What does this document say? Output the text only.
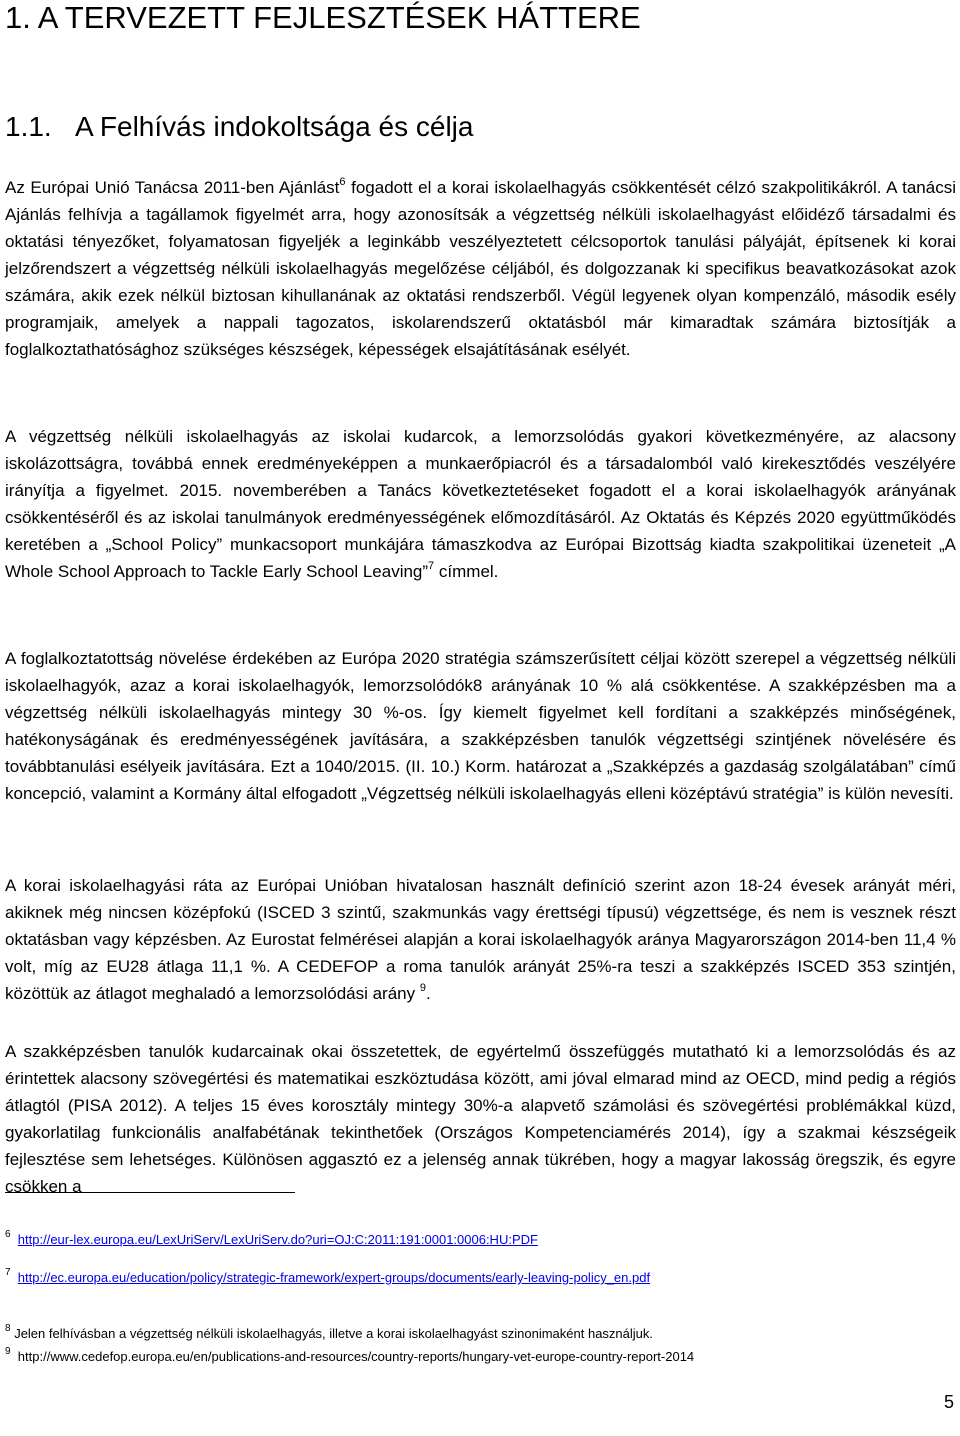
1. A TERVEZETT FEJLESZTÉSEK HÁTTERE
1.1. A Felhívás indokoltsága és célja

Az Európai Unió Tanácsa 2011-ben Ajánlást$^6$ fogadott el a korai iskolaelhagyás csökkentését célzó szakpolitikákról. A tanácsi Ajánlás felhívja a tagállamok figyelmét arra, hogy azonosítsák a végzettség nélküli iskolaelhagyást előidéző társadalmi és oktatási tényezőket, folyamatosan figyeljék a leginkább veszélyeztetett célcsoportok tanulási pályáját, építsenek ki korai jelzőrendszert a végzettség nélküli iskolaelhagyás megelőzése céljából, és dolgozzanak ki specifikus beavatkozásokat azok számára, akik ezek nélkül biztosan kihullanának az oktatási rendszerből. Végül legyenek olyan kompenzáló, második esély programjaik, amelyek a nappali tagozatos, iskolarendszerű oktatásból már kimaradtak számára biztosítják a foglalkoztathatósághoz szükséges készségek, képességek elsajátításának esélyét.

A végzettség nélküli iskolaelhagyás az iskolai kudarcok, a lemorzsolódás gyakori következményére, az alacsony iskolázottságra, továbbá ennek eredményeképpen a munkaerőpiacról és a társadalomból való kirekesztődés veszélyére irányítja a figyelmet. 2015. novemberében a Tanács következtetéseket fogadott el a korai iskolaelhagyók arányának csökkentéséről és az iskolai tanulmányok eredményességének előmozdításáról. Az Oktatás és Képzés 2020 együttműködés keretében a „School Policy” munkacsoport munkájára támaszkodva az Európai Bizottság kiadta szakpolitikai üzeneteit „A Whole School Approach to Tackle Early School Leaving”$^7$ címmel.

A foglalkoztatottság növelése érdekében az Európa 2020 stratégia számszerűsített céljai között szerepel a végzettség nélküli iskolaelhagyók, azaz a korai iskolaelhagyók, lemorzsolódók8 arányának 10 % alá csökkentése. A szakképzésben ma a végzettség nélküli iskolaelhagyás mintegy 30 %-os. Így kiemelt figyelmet kell fordítani a szakképzés minőségének, hatékonyságának és eredményességének javítására, a szakképzésben tanulók végzettségi szintjének növelésére és továbbtanulási esélyeik javítására. Ezt a 1040/2015. (II. 10.) Korm. határozat a „Szakképzés a gazdaság szolgálatában” című koncepció, valamint a Kormány által elfogadott „Végzettség nélküli iskolaelhagyás elleni középtávú stratégia” is külön nevesíti.

A korai iskolaelhagyási ráta az Európai Unióban hivatalosan használt definíció szerint azon 18-24 évesek arányát méri, akiknek még nincsen középfokú (ISCED 3 szintű, szakmunkás vagy érettségi típusú) végzettsége, és nem is vesznek részt oktatásban vagy képzésben. Az Eurostat felmérései alapján a korai iskolaelhagyók aránya Magyarországon 2014-ben 11,4 % volt, míg az EU28 átlaga 11,1 %. A CEDEFOP a roma tanulók arányát 25%-ra teszi a szakképzés ISCED 353 szintjén, közöttük az átlagot meghaladó a lemorzsolódási arány $^9$.

A szakképzésben tanulók kudarcainak okai összetettek, de egyértelmű összefüggés mutatható ki a lemorzsolódás és az érintettek alacsony szövegértési és matematikai eszköztudása között, ami jóval elmarad mind az OECD, mind pedig a régiós átlagtól (PISA 2012). A teljes 15 éves korosztály mintegy 30%-a alapvető számolási és szövegértési problémákkal küzd, gyakorlatilag funkcionális analfabétának tekinthetőek (Országos Kompetenciamérés 2014), így a szakmai készségeik fejlesztése sem lehetséges. Különösen aggasztó ez a jelenség annak tükrében, hogy a magyar lakosság öregszik, és egyre csökken a

$^6$ http://eur-lex.europa.eu/LexUriServ/LexUriServ.do?uri=OJ:C:2011:191:0001:0006:HU:PDF
$^7$ http://ec.europa.eu/education/policy/strategic-framework/expert-groups/documents/early-leaving-policy_en.pdf
$^8$ Jelen felhívásban a végzettség nélküli iskolaelhagyás, illetve a korai iskolaelhagyást szinonimaként használjuk.
$^9$ http://www.cedefop.europa.eu/en/publications-and-resources/country-reports/hungary-vet-europe-country-report-2014
5
